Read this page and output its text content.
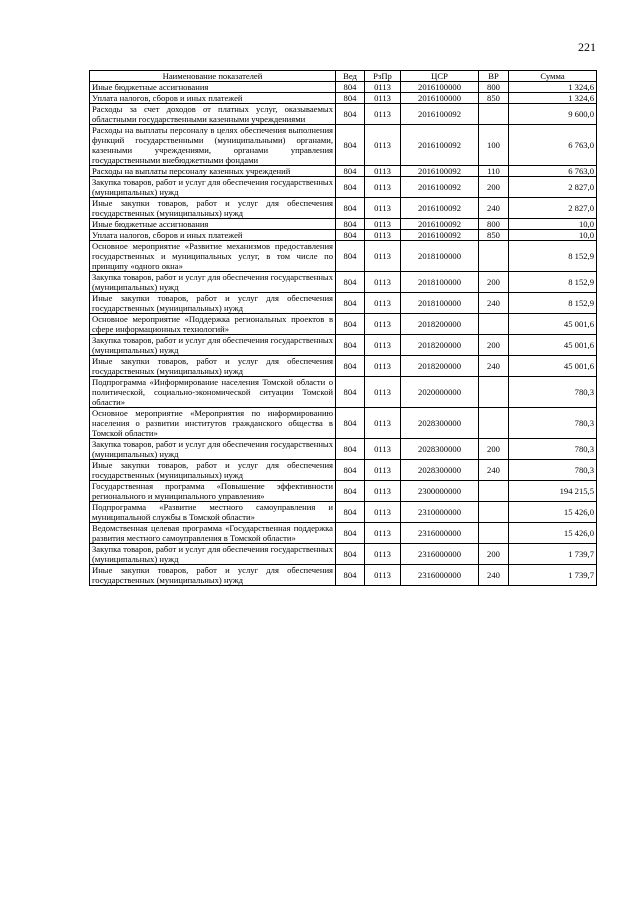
221
Наименование показателей	Вед	РзПр	ЦСР	ВР	Сумма
Иные бюджетные ассигнования	804	0113	2016100000	800	1 324,6
Уплата налогов, сборов и иных платежей	804	0113	2016100000	850	1 324,6
Расходы за счет доходов от платных услуг, оказываемых областными государственными казенными учреждениями	804	0113	2016100092		9 600,0
Расходы на выплаты персоналу в целях обеспечения выполнения функций государственными (муниципальными) органами, казенными учреждениями, органами управления государственными внебюджетными фондами	804	0113	2016100092	100	6 763,0
Расходы на выплаты персоналу казенных учреждений	804	0113	2016100092	110	6 763,0
Закупка товаров, работ и услуг для обеспечения государственных (муниципальных) нужд	804	0113	2016100092	200	2 827,0
Иные закупки товаров, работ и услуг для обеспечения государственных (муниципальных) нужд	804	0113	2016100092	240	2 827,0
Иные бюджетные ассигнования	804	0113	2016100092	800	10,0
Уплата налогов, сборов и иных платежей	804	0113	2016100092	850	10,0
Основное мероприятие «Развитие механизмов предоставления государственных и муниципальных услуг, в том числе по принципу «одного окна»	804	0113	2018100000		8 152,9
Закупка товаров, работ и услуг для обеспечения государственных (муниципальных) нужд	804	0113	2018100000	200	8 152,9
Иные закупки товаров, работ и услуг для обеспечения государственных (муниципальных) нужд	804	0113	2018100000	240	8 152,9
Основное мероприятие «Поддержка региональных проектов в сфере информационных технологий»	804	0113	2018200000		45 001,6
Закупка товаров, работ и услуг для обеспечения государственных (муниципальных) нужд	804	0113	2018200000	200	45 001,6
Иные закупки товаров, работ и услуг для обеспечения государственных (муниципальных) нужд	804	0113	2018200000	240	45 001,6
Подпрограмма «Информирование населения Томской области о политической, социально-экономической ситуации Томской области»	804	0113	2020000000		780,3
Основное мероприятие «Мероприятия по информированию населения о развитии институтов гражданского общества в Томской области»	804	0113	2028300000		780,3
Закупка товаров, работ и услуг для обеспечения государственных (муниципальных) нужд	804	0113	2028300000	200	780,3
Иные закупки товаров, работ и услуг для обеспечения государственных (муниципальных) нужд	804	0113	2028300000	240	780,3
Государственная программа «Повышение эффективности регионального и муниципального управления»	804	0113	2300000000		194 215,5
Подпрограмма «Развитие местного самоуправления и муниципальной службы в Томской области»	804	0113	2310000000		15 426,0
Ведомственная целевая программа «Государственная поддержка развития местного самоуправления в Томской области»	804	0113	2316000000		15 426,0
Закупка товаров, работ и услуг для обеспечения государственных (муниципальных) нужд	804	0113	2316000000	200	1 739,7
Иные закупки товаров, работ и услуг для обеспечения государственных (муниципальных) нужд	804	0113	2316000000	240	1 739,7
